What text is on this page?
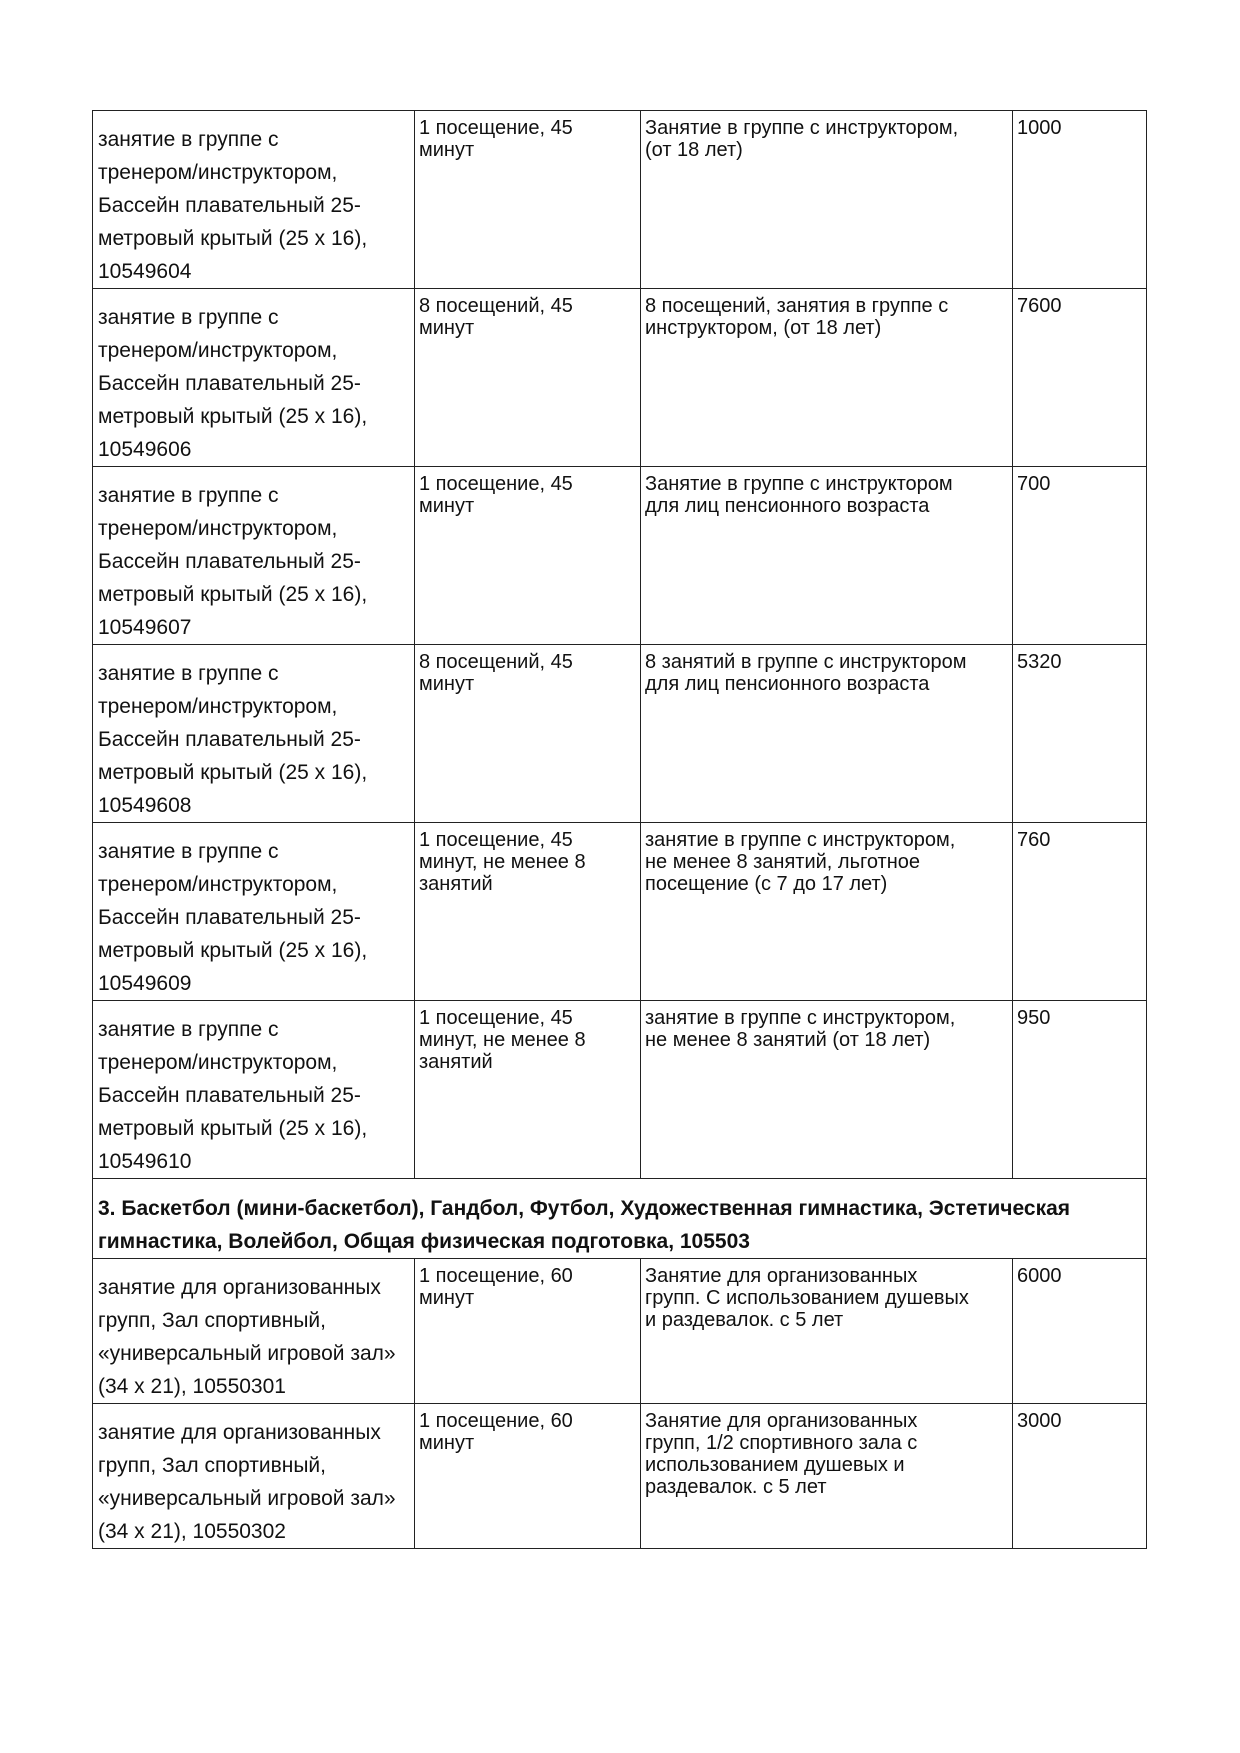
занятие в группе с
тренером/инструктором,
Бассейн плавательный 25-
метровый крытый (25 х 16),
10549604	1 посещение, 45
минут	Занятие в группе с инструктором,
(от 18 лет)	1000

занятие в группе с
тренером/инструктором,
Бассейн плавательный 25-
метровый крытый (25 х 16),
10549606	8 посещений, 45
минут	8 посещений, занятия в группе с
инструктором, (от 18 лет)	7600

занятие в группе с
тренером/инструктором,
Бассейн плавательный 25-
метровый крытый (25 х 16),
10549607	1 посещение, 45
минут	Занятие в группе с инструктором
для лиц пенсионного возраста	700

занятие в группе с
тренером/инструктором,
Бассейн плавательный 25-
метровый крытый (25 х 16),
10549608	8 посещений, 45
минут	8 занятий в группе с инструктором
для лиц пенсионного возраста	5320

занятие в группе с
тренером/инструктором,
Бассейн плавательный 25-
метровый крытый (25 х 16),
10549609	1 посещение, 45
минут, не менее 8
занятий	занятие в группе с инструктором,
не менее 8 занятий, льготное
посещение (с 7 до 17 лет)	760

занятие в группе с
тренером/инструктором,
Бассейн плавательный 25-
метровый крытый (25 х 16),
10549610	1 посещение, 45
минут, не менее 8
занятий	занятие в группе с инструктором,
не менее 8 занятий (от 18 лет)	950

3. Баскетбол (мини-баскетбол), Гандбол, Футбол, Художественная гимнастика, Эстетическая
гимнастика, Волейбол, Общая физическая подготовка, 105503			

занятие для организованных
групп, Зал спортивный,
«универсальный игровой зал»
(34 х 21), 10550301	1 посещение, 60
минут	Занятие для организованных
групп. С использованием душевых
и раздевалок. с 5 лет	6000

занятие для организованных
групп, Зал спортивный,
«универсальный игровой зал»
(34 х 21), 10550302	1 посещение, 60
минут	Занятие для организованных
групп, 1/2 спортивного зала с
использованием душевых и
раздевалок. с 5 лет	3000
